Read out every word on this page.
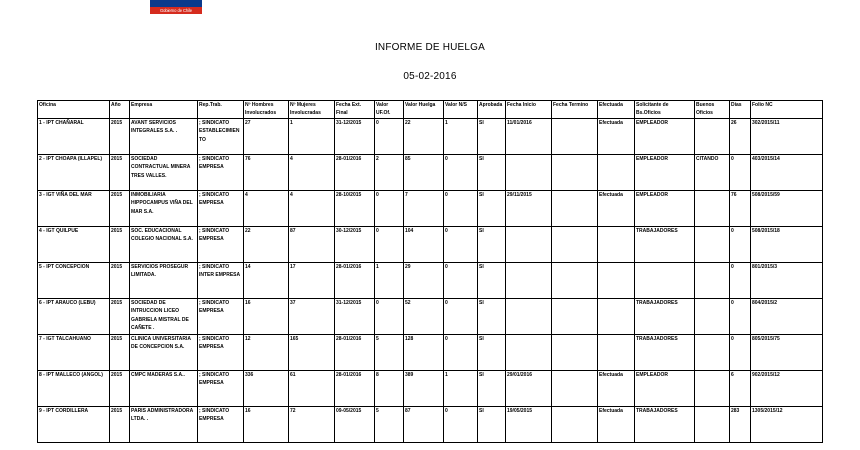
Gobierno de Chile
INFORME DE HUELGA
05-02-2016
Oficina	Año	Empresa	Rep.Trab.	Nº Hombres Involucrados	Nº Mujeres Involucradas	Fecha Ext. Final	Valor UF.Of.	Valor Huelga	Valor N/S	Aprobada	Fecha Inicio	Fecha Termino	Efectuada	Solicitante de Bs.Oficios	Buenos Oficios	Días	Folio NC
1 - IPT CHAÑARAL	2015	AVANT SERVICIOS INTEGRALES S.A. .	; SINDICATO ESTABLECIMIENTO	27	1	31-12/2015	0	22	1	SI	11/01/2016		Efectuada	EMPLEADOR		26	302/2015/11
2 - IPT CHOAPA (ILLAPEL)	2015	SOCIEDAD CONTRACTUAL MINERA TRES VALLES.	; SINDICATO EMPRESA	76	4	28-01/2016	2	85	0	SI				EMPLEADOR	CITANDO	0	403/2015/14
3 - IGT VIÑA DEL MAR	2015	INMOBILIARIA HIPPOCAMPUS VIÑA DEL MAR S.A.	; SINDICATO EMPRESA	4	4	28-10/2015	0	7	0	SI	29/11/2015		Efectuada	EMPLEADOR		76	508/2015/59
4 - IGT QUILPUE	2015	SOC. EDUCACIONAL COLEGIO NACIONAL S.A.	; SINDICATO EMPRESA	22	87	30-12/2015	0	104	0	SI				TRABAJADORES		0	508/2015/18
5 - IPT CONCEPCION	2015	SERVICIOS PROSEGUR LIMITADA.	; SINDICATO INTER EMPRESA	14	17	28-01/2016	1	29	0	SI						0	801/2015/3
6 - IPT ARAUCO (LEBU)	2015	SOCIEDAD DE INTRUCCION LICEO GABRIELA MISTRAL DE CAÑETE .	; SINDICATO EMPRESA	16	37	31-12/2015	0	52	0	SI				TRABAJADORES		0	804/2015/2
7 - IGT TALCAHUANO	2015	CLINICA UNIVERSITARIA DE CONCEPCION S.A.	; SINDICATO EMPRESA	12	165	28-01/2016	5	128	0	SI				TRABAJADORES		0	805/2015/75
8 - IPT MALLECO (ANGOL)	2015	CMPC MADERAS S.A..	; SINDICATO EMPRESA	336	61	28-01/2016	8	389	1	SI	29/01/2016		Efectuada	EMPLEADOR		6	902/2015/12
9 - IPT CORDILLERA	2015	PARIS ADMINISTRADORA LTDA. .	; SINDICATO EMPRESA	16	72	09-05/2015	5	87	0	SI	19/05/2015		Efectuada	TRABAJADORES		283	1305/2015/12
